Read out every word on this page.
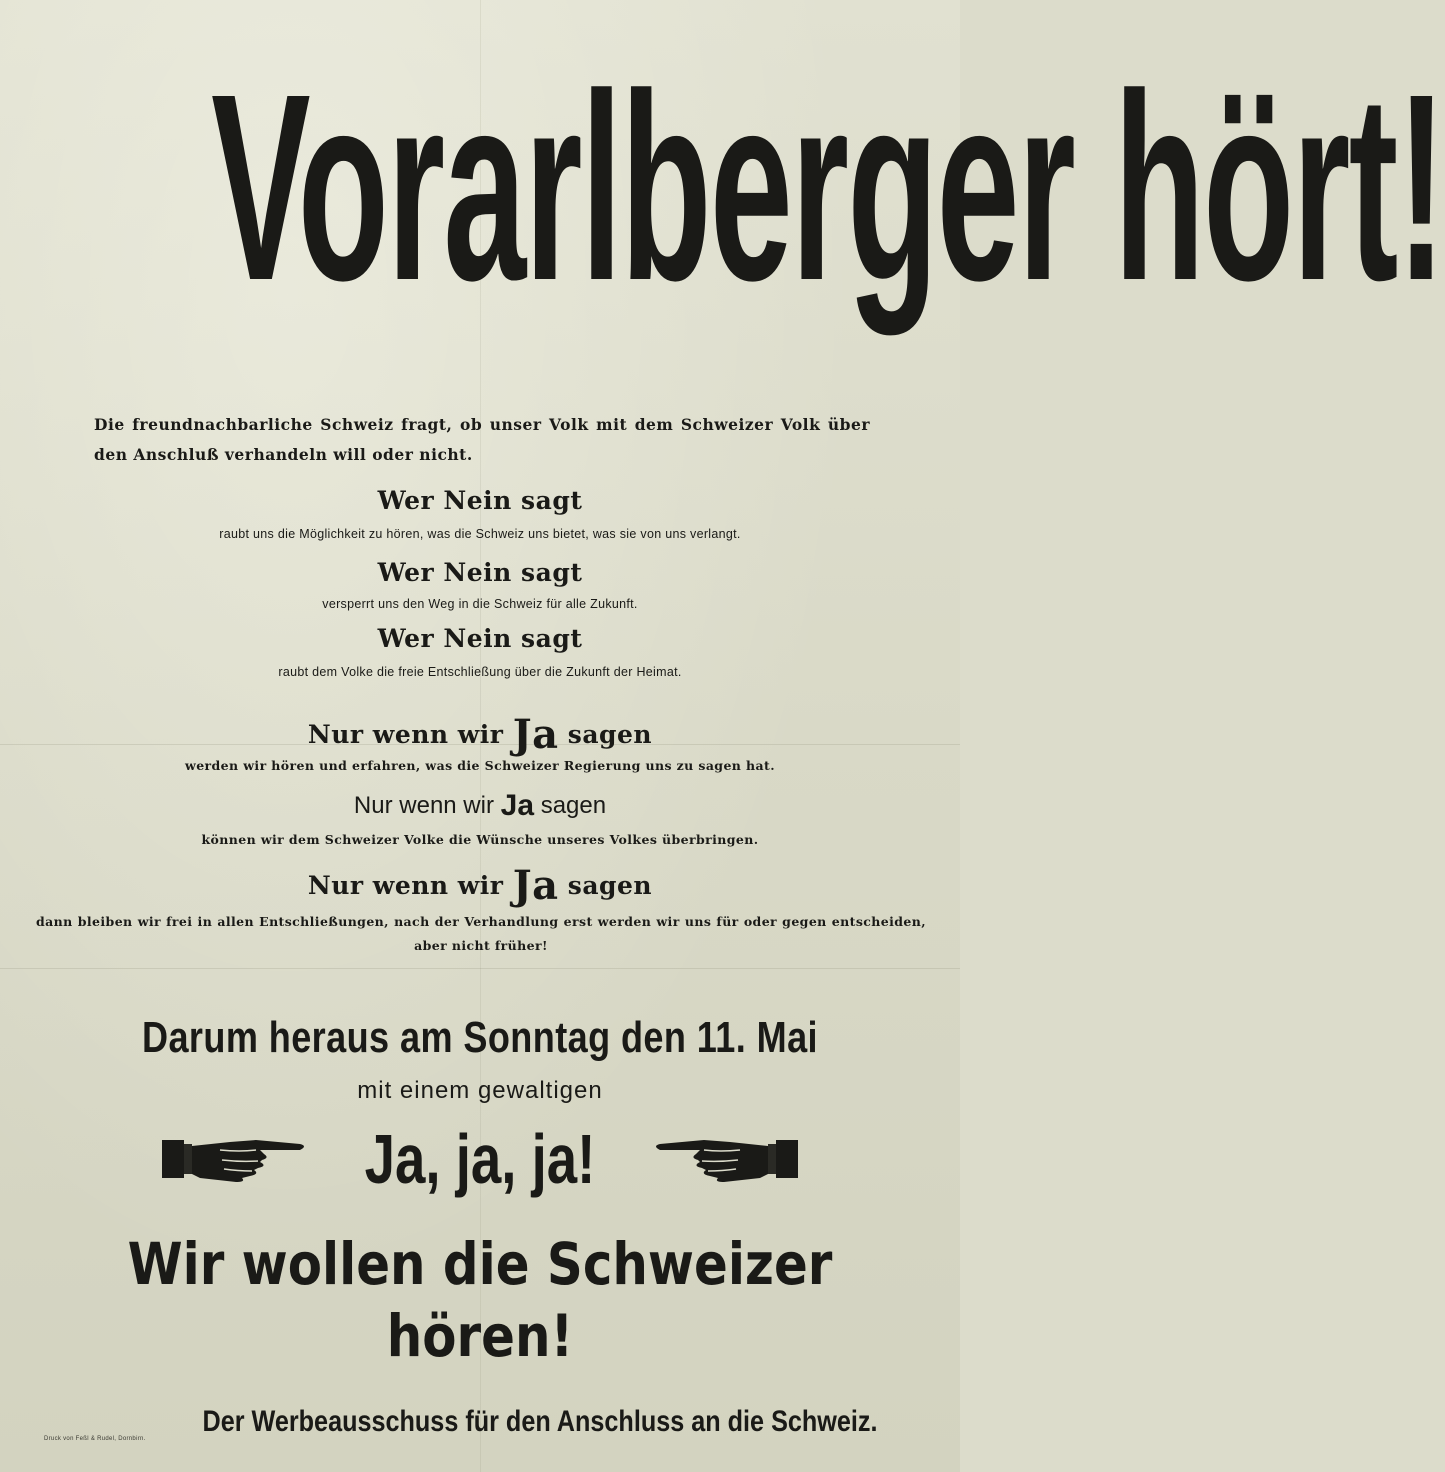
Vorarlberger hört!
Die freundnachbarliche Schweiz fragt, ob unser Volk mit dem Schweizer Volk über den Anschluß verhandeln will oder nicht.
Wer Nein sagt
raubt uns die Möglichkeit zu hören, was die Schweiz uns bietet, was sie von uns verlangt.
Wer Nein sagt
versperrt uns den Weg in die Schweiz für alle Zukunft.
Wer Nein sagt
raubt dem Volke die freie Entschließung über die Zukunft der Heimat.
Nur wenn wir Ja sagen
werden wir hören und erfahren, was die Schweizer Regierung uns zu sagen hat.
Nur wenn wir Ja sagen
können wir dem Schweizer Volke die Wünsche unseres Volkes überbringen.
Nur wenn wir Ja sagen
dann bleiben wir frei in allen Entschließungen, nach der Verhandlung erst werden wir uns für oder gegen entscheiden, aber nicht früher!
Darum heraus am Sonntag den 11. Mai
mit einem gewaltigen
Ja, ja, ja!
Wir wollen die Schweizer
hören!
Der Werbeausschuss für den Anschluss an die Schweiz.
Druck von Feßl & Rudel, Dornbirn.
